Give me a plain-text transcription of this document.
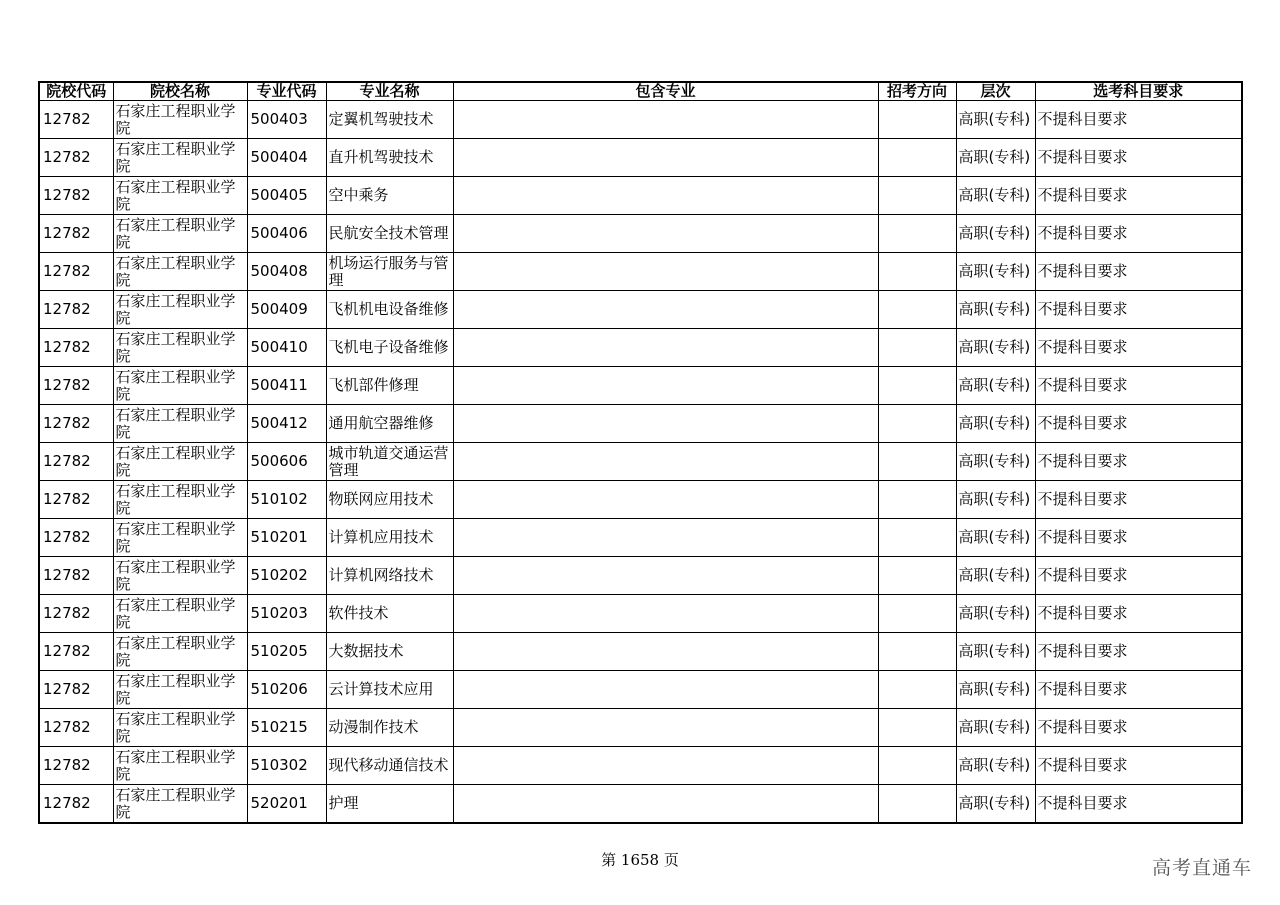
院校代码	院校名称	专业代码	专业名称	包含专业	招考方向	层次	选考科目要求
12782	石家庄工程职业学院	500403	定翼机驾驶技术			高职(专科)	不提科目要求
12782	石家庄工程职业学院	500404	直升机驾驶技术			高职(专科)	不提科目要求
12782	石家庄工程职业学院	500405	空中乘务			高职(专科)	不提科目要求
12782	石家庄工程职业学院	500406	民航安全技术管理			高职(专科)	不提科目要求
12782	石家庄工程职业学院	500408	机场运行服务与管理			高职(专科)	不提科目要求
12782	石家庄工程职业学院	500409	飞机机电设备维修			高职(专科)	不提科目要求
12782	石家庄工程职业学院	500410	飞机电子设备维修			高职(专科)	不提科目要求
12782	石家庄工程职业学院	500411	飞机部件修理			高职(专科)	不提科目要求
12782	石家庄工程职业学院	500412	通用航空器维修			高职(专科)	不提科目要求
12782	石家庄工程职业学院	500606	城市轨道交通运营管理			高职(专科)	不提科目要求
12782	石家庄工程职业学院	510102	物联网应用技术			高职(专科)	不提科目要求
12782	石家庄工程职业学院	510201	计算机应用技术			高职(专科)	不提科目要求
12782	石家庄工程职业学院	510202	计算机网络技术			高职(专科)	不提科目要求
12782	石家庄工程职业学院	510203	软件技术			高职(专科)	不提科目要求
12782	石家庄工程职业学院	510205	大数据技术			高职(专科)	不提科目要求
12782	石家庄工程职业学院	510206	云计算技术应用			高职(专科)	不提科目要求
12782	石家庄工程职业学院	510215	动漫制作技术			高职(专科)	不提科目要求
12782	石家庄工程职业学院	510302	现代移动通信技术			高职(专科)	不提科目要求
12782	石家庄工程职业学院	520201	护理			高职(专科)	不提科目要求
第 1658 页	高考直通车
